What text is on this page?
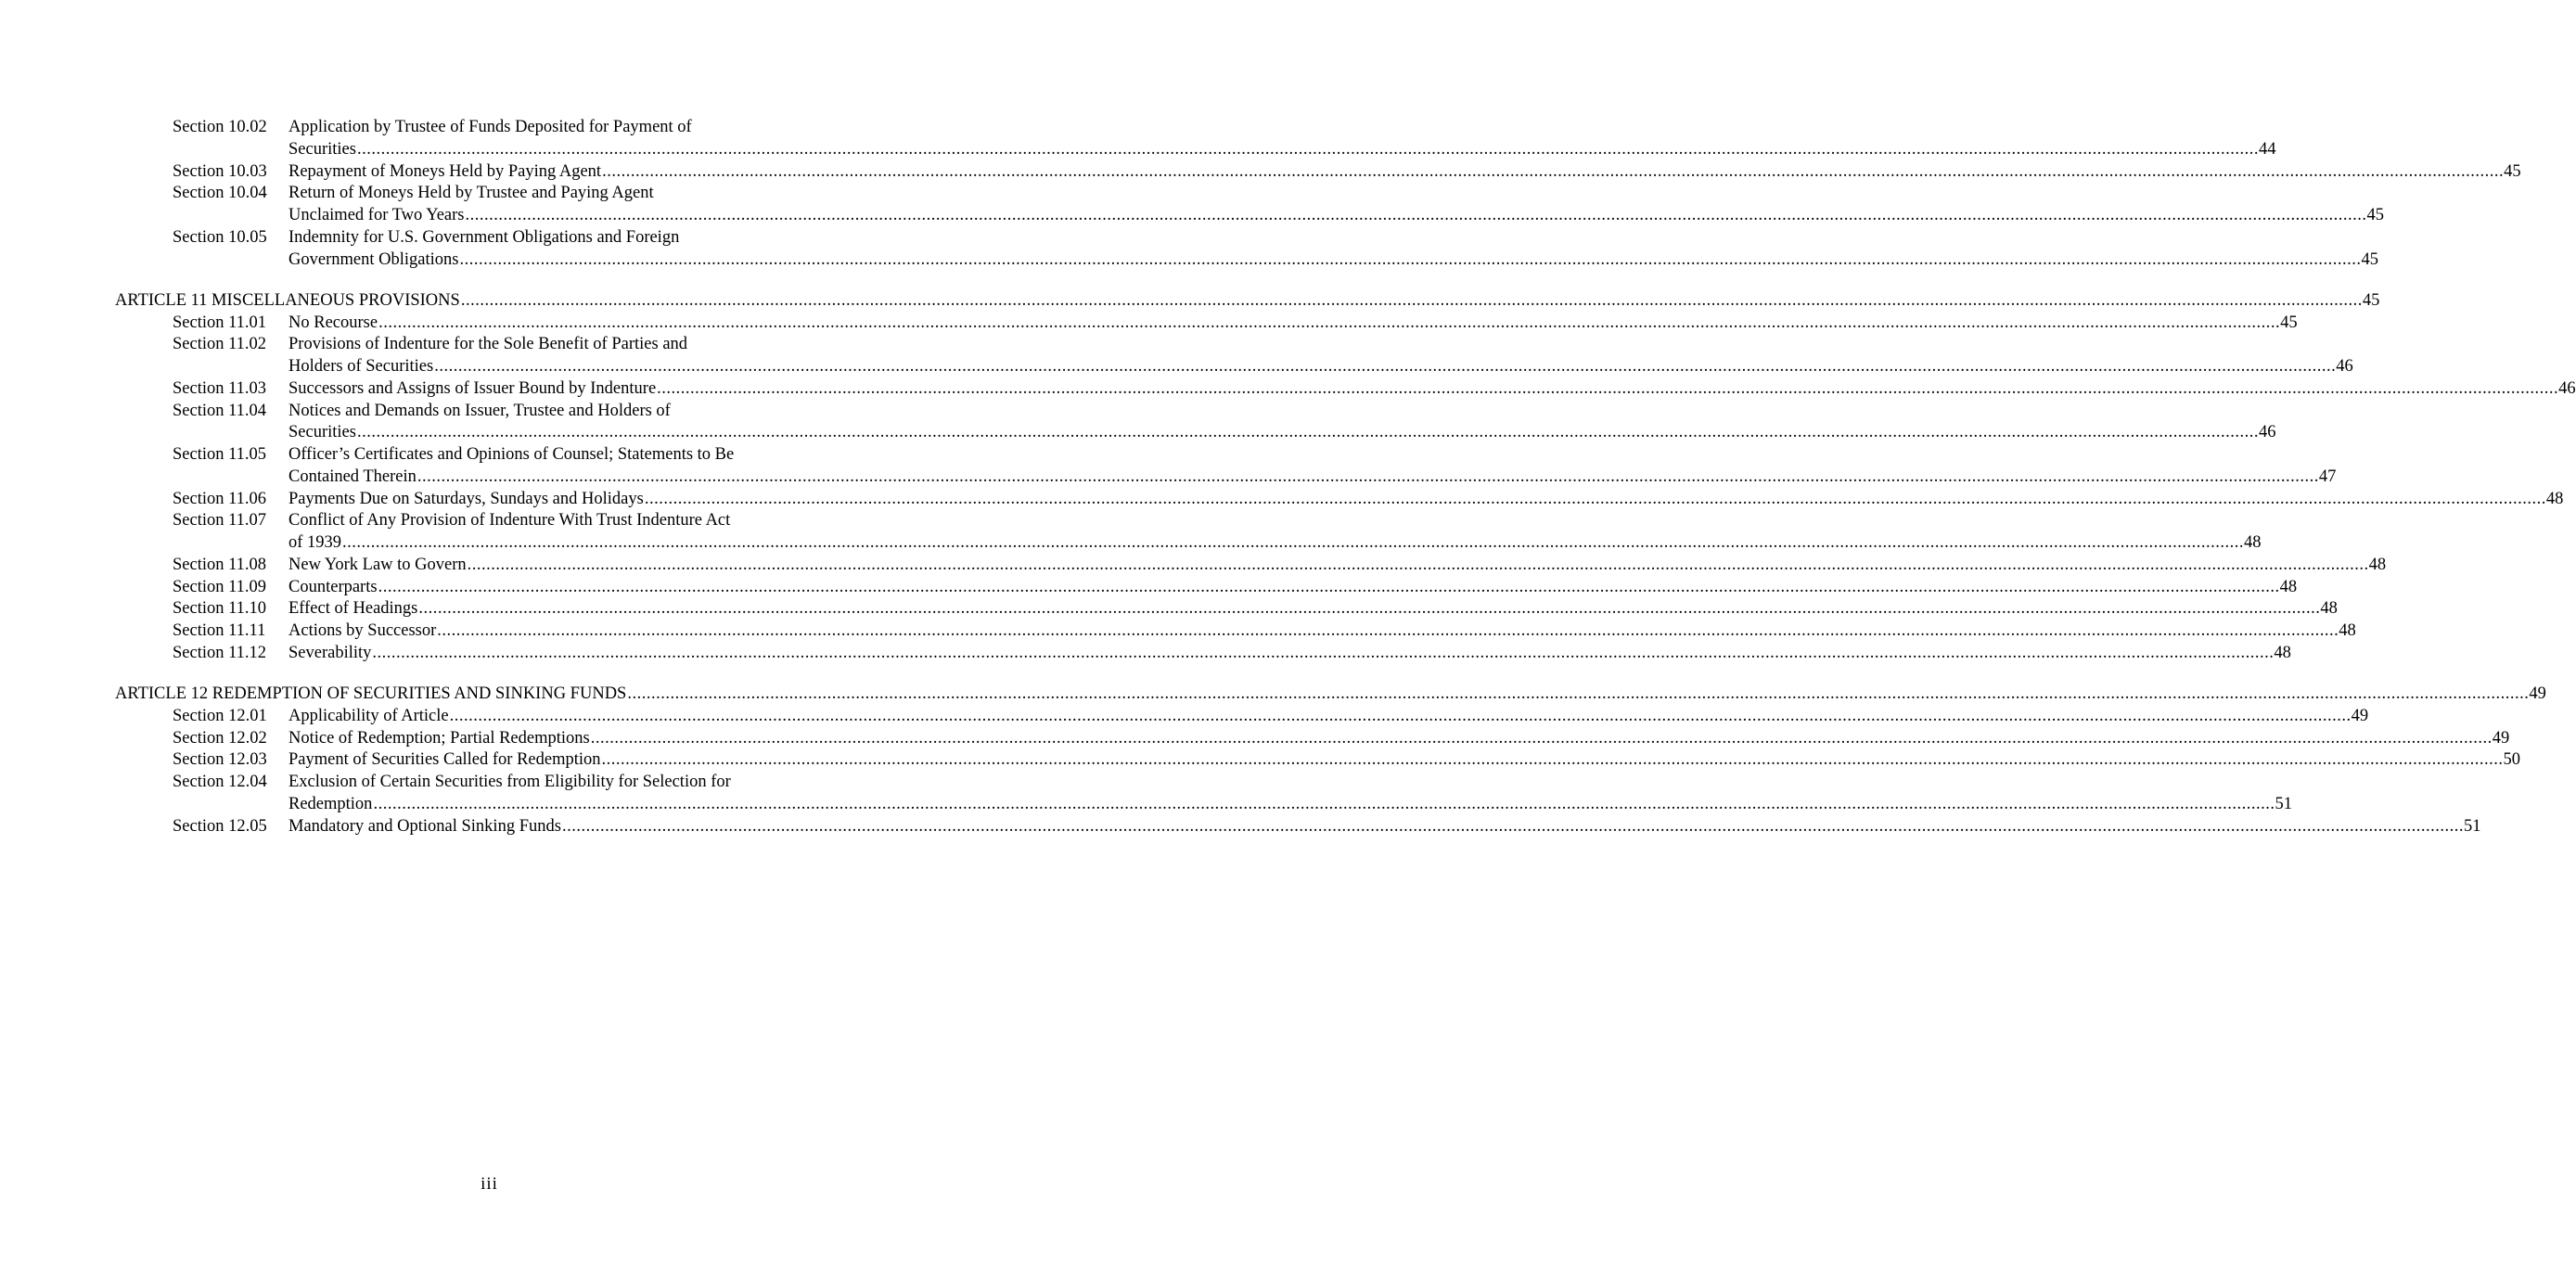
Section 10.02 Application by Trustee of Funds Deposited for Payment of
Securities ................................................................................................................................................................................................................................................................................................................................................................................................................ 44
Section 10.03 Repayment of Moneys Held by Paying Agent ................................................................................................................................................................................................................................................................................................................................................................................................................ 45
Section 10.04 Return of Moneys Held by Trustee and Paying Agent
Unclaimed for Two Years ................................................................................................................................................................................................................................................................................................................................................................................................................ 45
Section 10.05 Indemnity for U.S. Government Obligations and Foreign
Government Obligations ................................................................................................................................................................................................................................................................................................................................................................................................................ 45
ARTICLE 11 MISCELLANEOUS PROVISIONS ................................................................................................................................................................................................................................................................................................................................................................................................................ 45
Section 11.01 No Recourse ................................................................................................................................................................................................................................................................................................................................................................................................................ 45
Section 11.02 Provisions of Indenture for the Sole Benefit of Parties and
Holders of Securities ................................................................................................................................................................................................................................................................................................................................................................................................................ 46
Section 11.03 Successors and Assigns of Issuer Bound by Indenture ................................................................................................................................................................................................................................................................................................................................................................................................................ 46
Section 11.04 Notices and Demands on Issuer, Trustee and Holders of
Securities ................................................................................................................................................................................................................................................................................................................................................................................................................ 46
Section 11.05 Officer’s Certificates and Opinions of Counsel; Statements to Be
Contained Therein ................................................................................................................................................................................................................................................................................................................................................................................................................ 47
Section 11.06 Payments Due on Saturdays, Sundays and Holidays ................................................................................................................................................................................................................................................................................................................................................................................................................ 48
Section 11.07 Conflict of Any Provision of Indenture With Trust Indenture Act
of 1939 ................................................................................................................................................................................................................................................................................................................................................................................................................ 48
Section 11.08 New York Law to Govern ................................................................................................................................................................................................................................................................................................................................................................................................................ 48
Section 11.09 Counterparts ................................................................................................................................................................................................................................................................................................................................................................................................................ 48
Section 11.10 Effect of Headings ................................................................................................................................................................................................................................................................................................................................................................................................................ 48
Section 11.11 Actions by Successor ................................................................................................................................................................................................................................................................................................................................................................................................................ 48
Section 11.12 Severability ................................................................................................................................................................................................................................................................................................................................................................................................................ 48
ARTICLE 12 REDEMPTION OF SECURITIES AND SINKING FUNDS ................................................................................................................................................................................................................................................................................................................................................................................................................ 49
Section 12.01 Applicability of Article ................................................................................................................................................................................................................................................................................................................................................................................................................ 49
Section 12.02 Notice of Redemption; Partial Redemptions ................................................................................................................................................................................................................................................................................................................................................................................................................ 49
Section 12.03 Payment of Securities Called for Redemption ................................................................................................................................................................................................................................................................................................................................................................................................................ 50
Section 12.04 Exclusion of Certain Securities from Eligibility for Selection for
Redemption ................................................................................................................................................................................................................................................................................................................................................................................................................ 51
Section 12.05 Mandatory and Optional Sinking Funds ................................................................................................................................................................................................................................................................................................................................................................................................................ 51
iii
